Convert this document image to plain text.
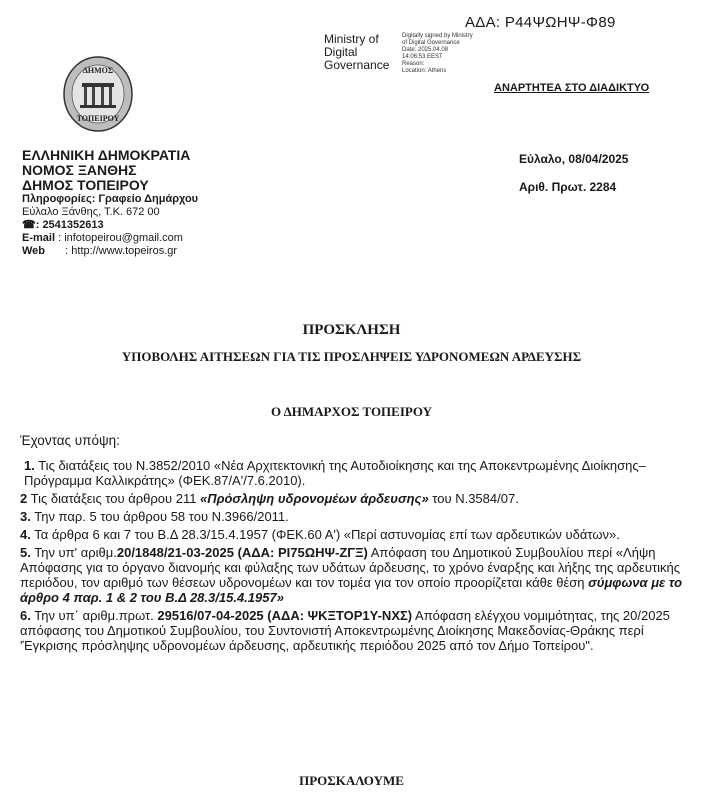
ΔΗΜΟΣ
ΤΟΠΕΙΡΟΥ
ΑΔΑ: Ρ44ΨΩΗΨ-Φ89
Ministry of
Digital
Governance
Digitally signed by Ministry
of Digital Governance
Date: 2025.04.08
14:06:53 EEST
Reason:
Location: Athens
ΑΝΑΡΤΗΤΕΑ ΣΤΟ ΔΙΑΔΙΚΤΥΟ
ΕΛΛΗΝΙΚΗ ΔΗΜΟΚΡΑΤΙΑ
ΝΟΜΟΣ ΞΑΝΘΗΣ
ΔΗΜΟΣ ΤΟΠΕΙΡΟΥ
Πληροφορίες: Γραφείο Δημάρχου
Εύλαλο Ξάνθης, Τ.Κ. 672 00
☎: 2541352613
E-mail : infotopeirou@gmail.com
Web : http://www.topeiros.gr
Εύλαλο, 08/04/2025
Αριθ. Πρωτ. 2284
ΠΡΟΣΚΛΗΣΗ
ΥΠΟΒΟΛΗΣ ΑΙΤΗΣΕΩΝ ΓΙΑ ΤΙΣ ΠΡΟΣΛΗΨΕΙΣ ΥΔΡΟΝΟΜΕΩΝ ΑΡΔΕΥΣΗΣ
Ο ΔΗΜΑΡΧΟΣ ΤΟΠΕΙΡΟΥ
Έχοντας υπόψη:

1. Τις διατάξεις του Ν.3852/2010 «Νέα Αρχιτεκτονική της Αυτοδιοίκησης και της Αποκεντρωμένης Διοίκησης–Πρόγραμμα Καλλικράτης» (ΦΕΚ.87/Α'/7.6.2010).

2 Τις διατάξεις του άρθρου 211 «Πρόσληψη υδρονομέων άρδευσης» του Ν.3584/07.

3. Την παρ. 5 του άρθρου 58 του Ν.3966/2011.

4. Τα άρθρα 6 και 7 του Β.Δ 28.3/15.4.1957 (ΦΕΚ.60 Α') «Περί αστυνομίας επί των αρδευτικών υδάτων».

5. Την υπ' αριθμ.20/1848/21-03-2025 (ΑΔΑ: ΡΙ75ΩΗΨ-ΖΓΞ) Απόφαση του Δημοτικού Συμβουλίου περί «Λήψη Απόφασης για το όργανο διανομής και φύλαξης των υδάτων άρδευσης, το χρόνο έναρξης και λήξης της αρδευτικής περιόδου, τον αριθμό των θέσεων υδρονομέων και τον τομέα για τον οποίο προορίζεται κάθε θέση σύμφωνα με το άρθρο 4 παρ. 1 & 2 του Β.Δ 28.3/15.4.1957»

6. Την υπ΄ αριθμ.πρωτ. 29516/07-04-2025 (ΑΔΑ: ΨΚΞΤΟΡ1Υ-ΝΧΣ) Απόφαση ελέγχου νομιμότητας, της 20/2025 απόφασης του Δημοτικού Συμβουλίου, του Συντονιστή Αποκεντρωμένης Διοίκησης Μακεδονίας-Θράκης περί 'Έγκρισης πρόσληψης υδρονομέων άρδευσης, αρδευτικής περιόδου 2025 από τον Δήμο Τοπείρου".

ΠΡΟΣΚΑΛΟΥΜΕ
